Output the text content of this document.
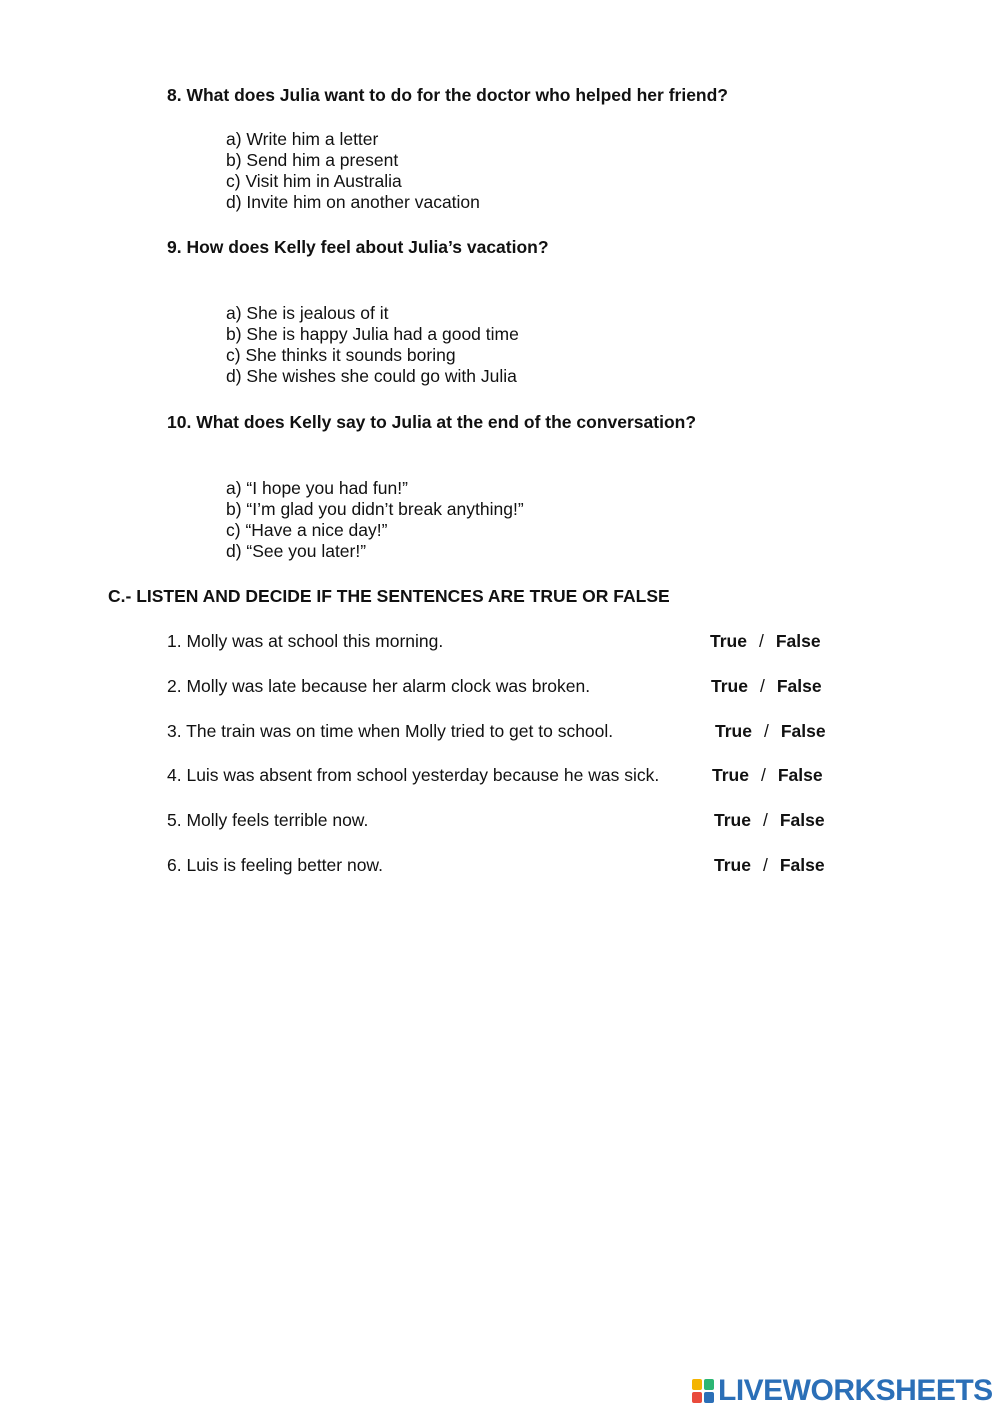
8. What does Julia want to do for the doctor who helped her friend?
a) Write him a letter
b) Send him a present
c) Visit him in Australia
d) Invite him on another vacation
9. How does Kelly feel about Julia’s vacation?
a) She is jealous of it
b) She is happy Julia had a good time
c) She thinks it sounds boring
d) She wishes she could go with Julia
10. What does Kelly say to Julia at the end of the conversation?
a) “I hope you had fun!”
b) “I’m glad you didn’t break anything!”
c) “Have a nice day!”
d) “See you later!”
C.- LISTEN AND DECIDE IF THE SENTENCES ARE TRUE OR FALSE
1. Molly was at school this morning.	True / False
2. Molly was late because her alarm clock was broken.	True / False
3. The train was on time when Molly tried to get to school.	True / False
4. Luis was absent from school yesterday because he was sick.	True / False
5. Molly feels terrible now.	True / False
6. Luis is feeling better now.	True / False
LIVEWORKSHEETS
